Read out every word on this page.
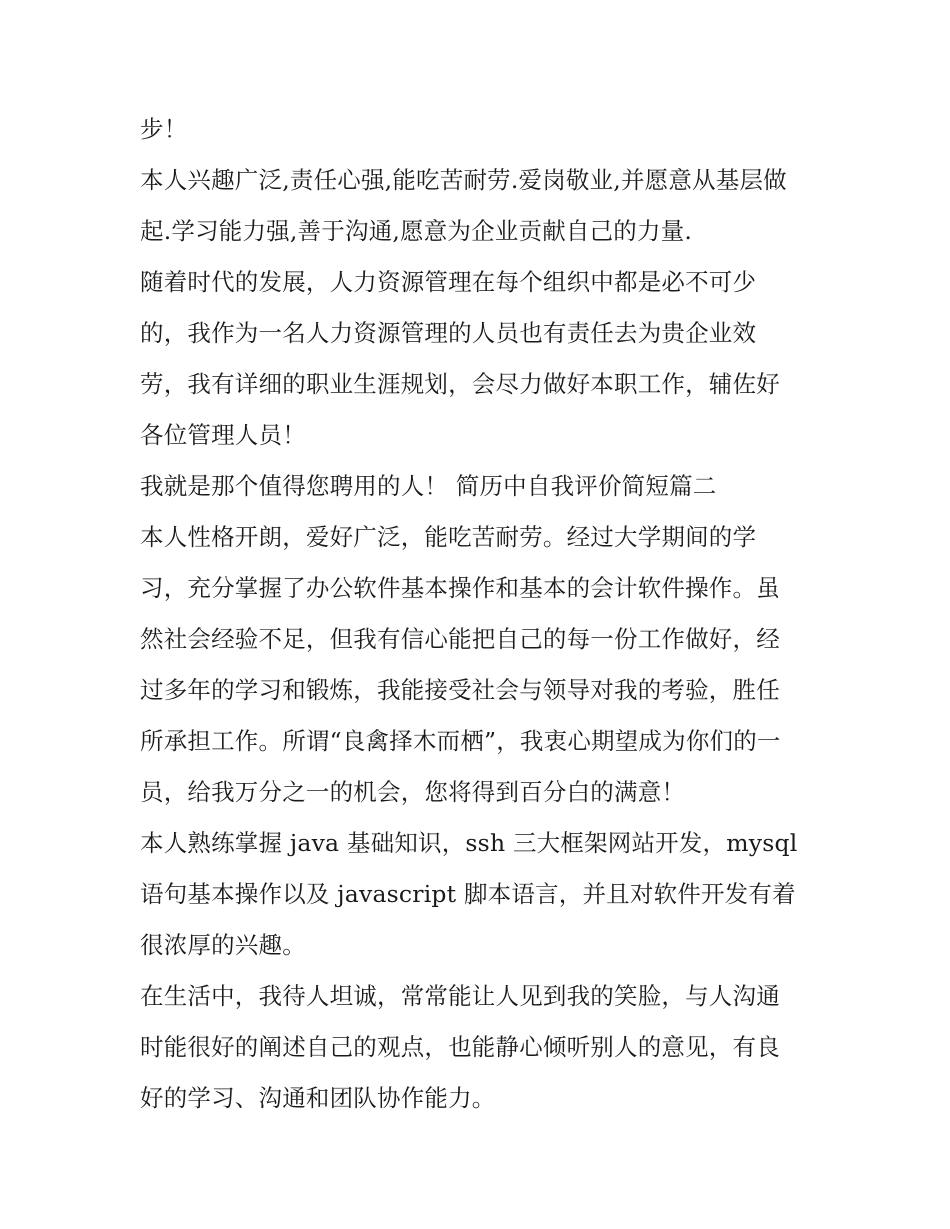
步！
本人兴趣广泛,责任心强,能吃苦耐劳.爱岗敬业,并愿意从基层做
起.学习能力强,善于沟通,愿意为企业贡献自己的力量.
随着时代的发展，人力资源管理在每个组织中都是必不可少
的，我作为一名人力资源管理的人员也有责任去为贵企业效
劳，我有详细的职业生涯规划，会尽力做好本职工作，辅佐好
各位管理人员！
我就是那个值得您聘用的人！ 简历中自我评价简短篇二
本人性格开朗，爱好广泛，能吃苦耐劳。经过大学期间的学
习，充分掌握了办公软件基本操作和基本的会计软件操作。虽
然社会经验不足，但我有信心能把自己的每一份工作做好，经
过多年的学习和锻炼，我能接受社会与领导对我的考验，胜任
所承担工作。所谓“良禽择木而栖”，我衷心期望成为你们的一
员，给我万分之一的机会，您将得到百分白的满意！
本人熟练掌握 java 基础知识，ssh 三大框架网站开发，mysql
语句基本操作以及 javascript 脚本语言，并且对软件开发有着
很浓厚的兴趣。
在生活中，我待人坦诚，常常能让人见到我的笑脸，与人沟通
时能很好的阐述自己的观点，也能静心倾听别人的意见，有良
好的学习、沟通和团队协作能力。
